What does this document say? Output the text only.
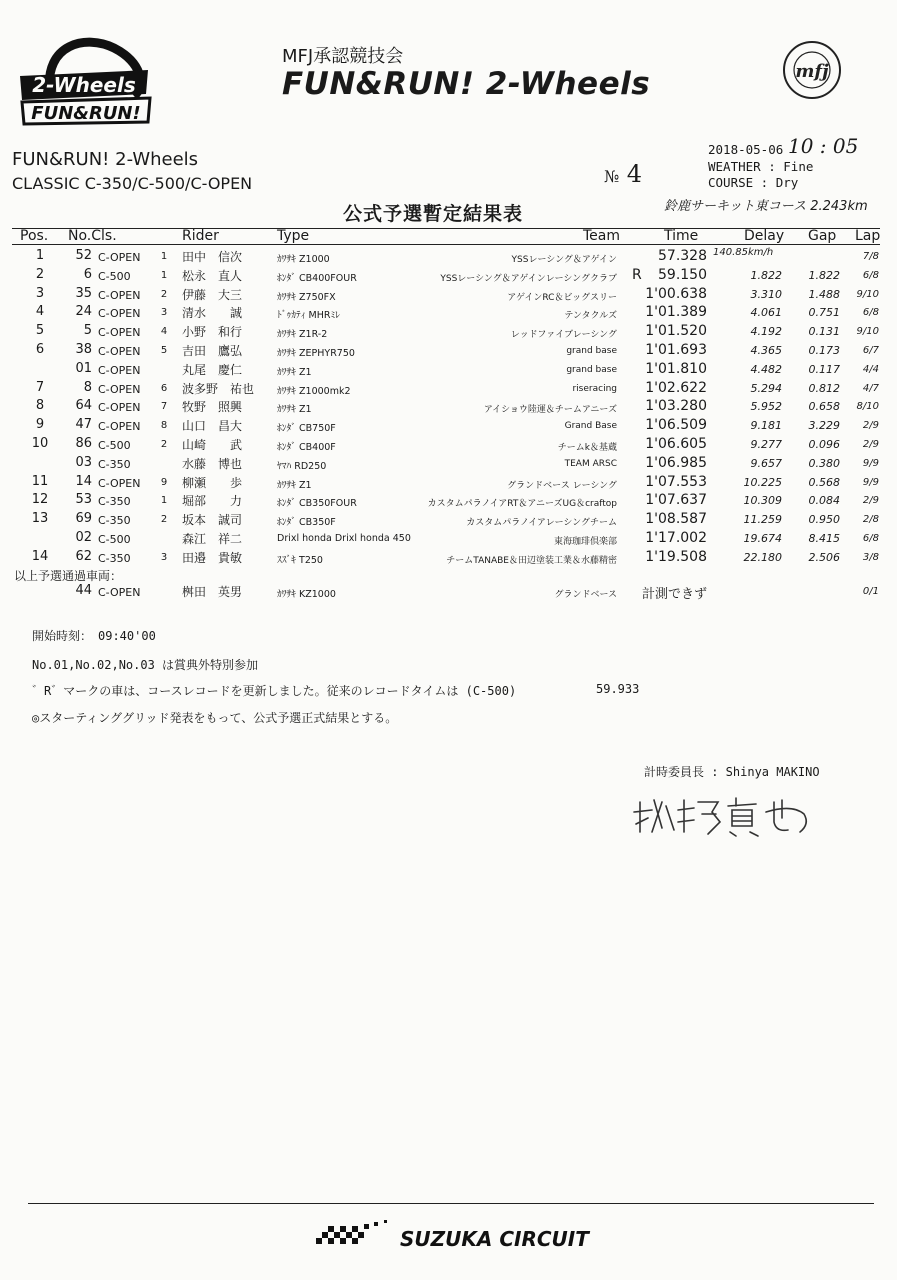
2-Wheels
FUN&RUN!
MFJ承認競技会
FUN&RUN! 2-Wheels	mfj
FUN&RUN! 2-Wheels
CLASSIC C-350/C-500/C-OPEN	№ 4
2018-05-06 10 : 05
WEATHER : Fine
COURSE : Dry
公式予選暫定結果表	鈴鹿サーキット東コース 2.243km
Pos. No.Cls.	Rider	Type	Team	Time	Delay Gap Lap
1	52 C-OPEN	1	田中　信次	ｶﾜｻｷ Z1000	YSSレーシング＆アゲイン	57.328 140.85km/h	7/8
2	6 C-500	1	松永　直人	ﾎﾝﾀﾞ CB400FOUR	YSSレーシング＆アゲインレーシングクラブ R 59.150	1.822 1.822 6/8
3	35 C-OPEN	2	伊藤　大三	ｶﾜｻｷ Z750FX	アゲインRC＆ビッグスリー 1'00.638	3.310 1.488 9/10
4	24 C-OPEN	3	清水　　誠	ﾄﾞｩｶﾃｨ MHRﾐﾚ	テンタクルズ 1'01.389	4.061 0.751 6/8
5	5 C-OPEN	4	小野　和行	ｶﾜｻｷ Z1R-2	レッドファイブレーシング 1'01.520	4.192 0.131 9/10
6	38 C-OPEN	5	吉田　鷹弘	ｶﾜｻｷ ZEPHYR750	grand base 1'01.693	4.365 0.173 6/7
01 C-OPEN	丸尾　慶仁	ｶﾜｻｷ Z1	grand base 1'01.810	4.482 0.117 4/4
7	8 C-OPEN	6	波多野　祐也 ｶﾜｻｷ Z1000mk2	riseracing 1'02.622	5.294 0.812 4/7
8	64 C-OPEN	7	牧野　照興	ｶﾜｻｷ Z1	アイショウ陸運＆チームアニーズ 1'03.280	5.952 0.658 8/10
9	47 C-OPEN	8	山口　昌大	ﾎﾝﾀﾞ CB750F	Grand Base 1'06.509	9.181 3.229 2/9
10	86 C-500	2	山崎　　武	ﾎﾝﾀﾞ CB400F	チームk＆基蔵 1'06.605	9.277 0.096 2/9
03 C-350	水藤　博也	ﾔﾏﾊ RD250	TEAM ARSC 1'06.985	9.657 0.380 9/9
11	14 C-OPEN	9	柳瀬　　歩	ｶﾜｻｷ Z1	グランドベース レーシング 1'07.553	10.225 0.568 9/9
12	53 C-350	1	堀部　　力	ﾎﾝﾀﾞ CB350FOUR	カスタムパラノイアRT＆アニーズUG＆craftop 1'07.637	10.309 0.084 2/9
13	69 C-350	2	坂本　誠司	ﾎﾝﾀﾞ CB350F	カスタムパラノイアレーシングチーム 1'08.587	11.259 0.950 2/8
02 C-500	森江　祥二	Drixl honda Drixl honda 450	東海珈琲倶楽部 1'17.002	19.674 8.415 6/8
14	62 C-350	3	田邉　貴敏	ｽｽﾞｷ T250	チームTANABE＆田辺塗装工業＆水藤精密 1'19.508	22.180 2.506 3/8
以上予選通過車両：
44 C-OPEN	桝田　英男	ｶﾜｻｷ KZ1000	グランドベース 計測できず	0/1
開始時刻：　09:40'00
No.01,No.02,No.03 は賞典外特別参加
゛R゛マークの車は、コースレコードを更新しました。従来のレコードタイムは (C-500)	59.933
◎スターティンググリッド発表をもって、公式予選正式結果とする。
計時委員長 : Shinya MAKINO
SUZUKA CIRCUIT
